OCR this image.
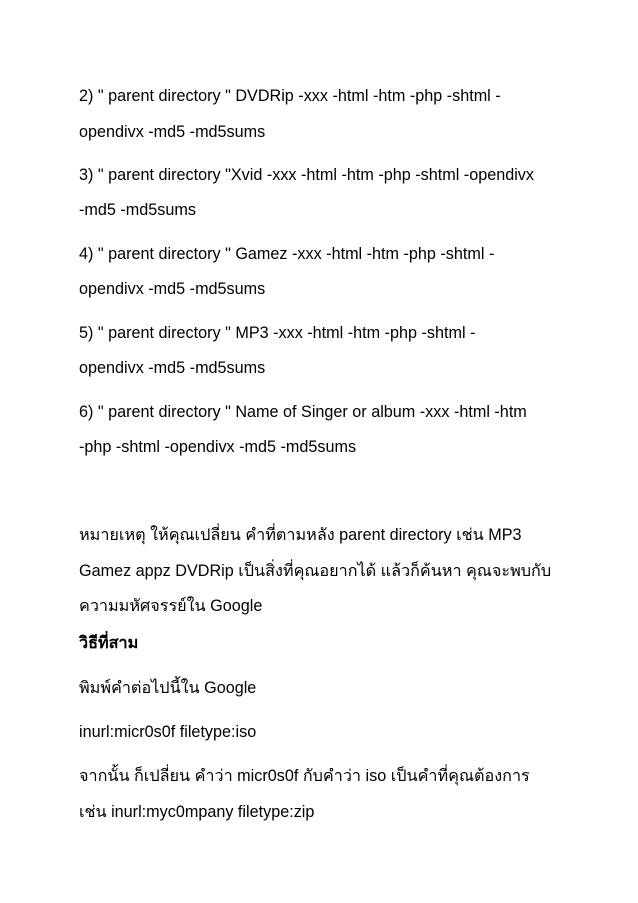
2) " parent directory " DVDRip -xxx -html -htm -php -shtml -

opendivx -md5 -md5sums

3) " parent directory "Xvid -xxx -html -htm -php -shtml -opendivx

-md5 -md5sums

4) " parent directory " Gamez -xxx -html -htm -php -shtml -

opendivx -md5 -md5sums

5) " parent directory " MP3 -xxx -html -htm -php -shtml -

opendivx -md5 -md5sums

6) " parent directory " Name of Singer or album -xxx -html -htm

-php -shtml -opendivx -md5 -md5sums

หมายเหตุ ให้คุณเปลี่ยน คำที่ตามหลัง parent directory เช่น MP3

Gamez appz DVDRip เป็นสิ่งที่คุณอยากได้ แล้วก็ค้นหา คุณจะพบกับ

ความมหัศจรรย์ใน Google

วิธีที่สาม

พิมพ์คำต่อไปนี้ใน Google

inurl:micr0s0f filetype:iso

จากนั้น ก็เปลี่ยน คำว่า micr0s0f กับคำว่า iso เป็นคำที่คุณต้องการ

เช่น inurl:myc0mpany filetype:zip
